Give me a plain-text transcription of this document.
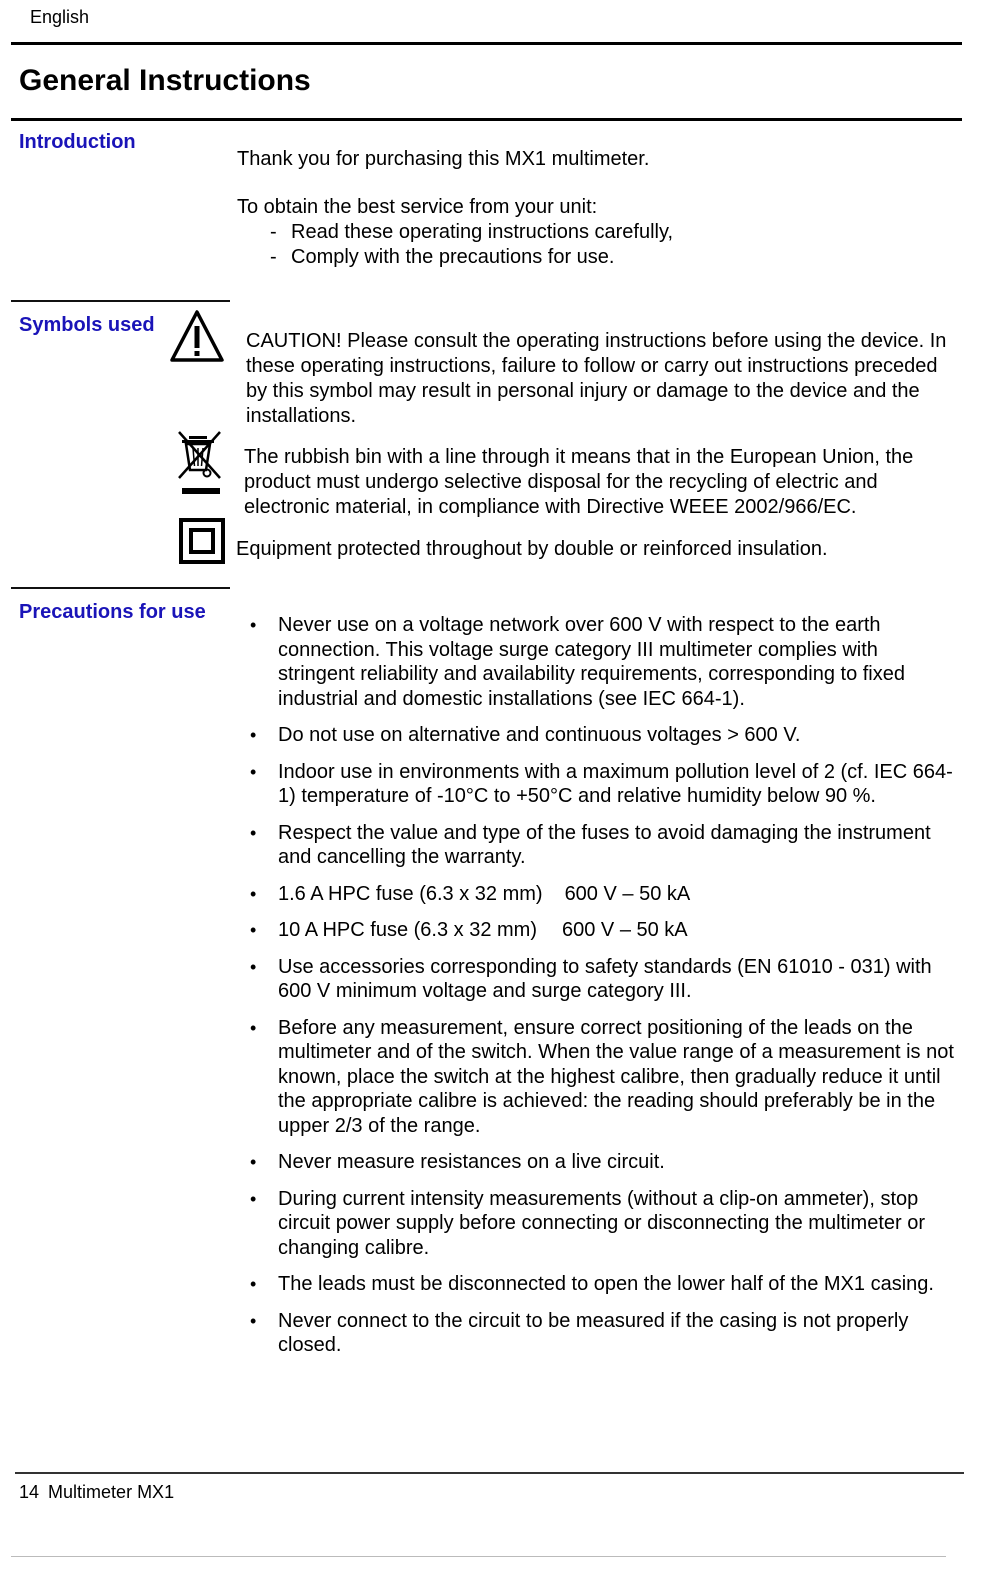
English
General Instructions
Introduction
Thank you for purchasing this MX1 multimeter.
To obtain the best service from your unit:
- Read these operating instructions carefully,
- Comply with the precautions for use.
Symbols used
CAUTION! Please consult the operating instructions before using the device. In these operating instructions, failure to follow or carry out instructions preceded by this symbol may result in personal injury or damage to the device and the installations.
The rubbish bin with a line through it means that in the European Union, the product must undergo selective disposal for the recycling of electric and electronic material, in compliance with Directive WEEE 2002/966/EC.
Equipment protected throughout by double or reinforced insulation.
Precautions for use
• Never use on a voltage network over 600 V with respect to the earth connection. This voltage surge category III multimeter complies with stringent reliability and availability requirements, corresponding to fixed industrial and domestic installations (see IEC 664-1).
• Do not use on alternative and continuous voltages > 600 V.
• Indoor use in environments with a maximum pollution level of 2 (cf. IEC 664-1) temperature of -10°C to +50°C and relative humidity below 90 %.
• Respect the value and type of the fuses to avoid damaging the instrument and cancelling the warranty.
• 1.6 A HPC fuse (6.3 x 32 mm) 600 V – 50 kA
• 10 A HPC fuse (6.3 x 32 mm) 600 V – 50 kA
• Use accessories corresponding to safety standards (EN 61010 - 031) with 600 V minimum voltage and surge category III.
• Before any measurement, ensure correct positioning of the leads on the multimeter and of the switch. When the value range of a measurement is not known, place the switch at the highest calibre, then gradually reduce it until the appropriate calibre is achieved: the reading should preferably be in the upper 2/3 of the range.
• Never measure resistances on a live circuit.
• During current intensity measurements (without a clip-on ammeter), stop circuit power supply before connecting or disconnecting the multimeter or changing calibre.
• The leads must be disconnected to open the lower half of the MX1 casing.
• Never connect to the circuit to be measured if the casing is not properly closed.
14 Multimeter MX1
